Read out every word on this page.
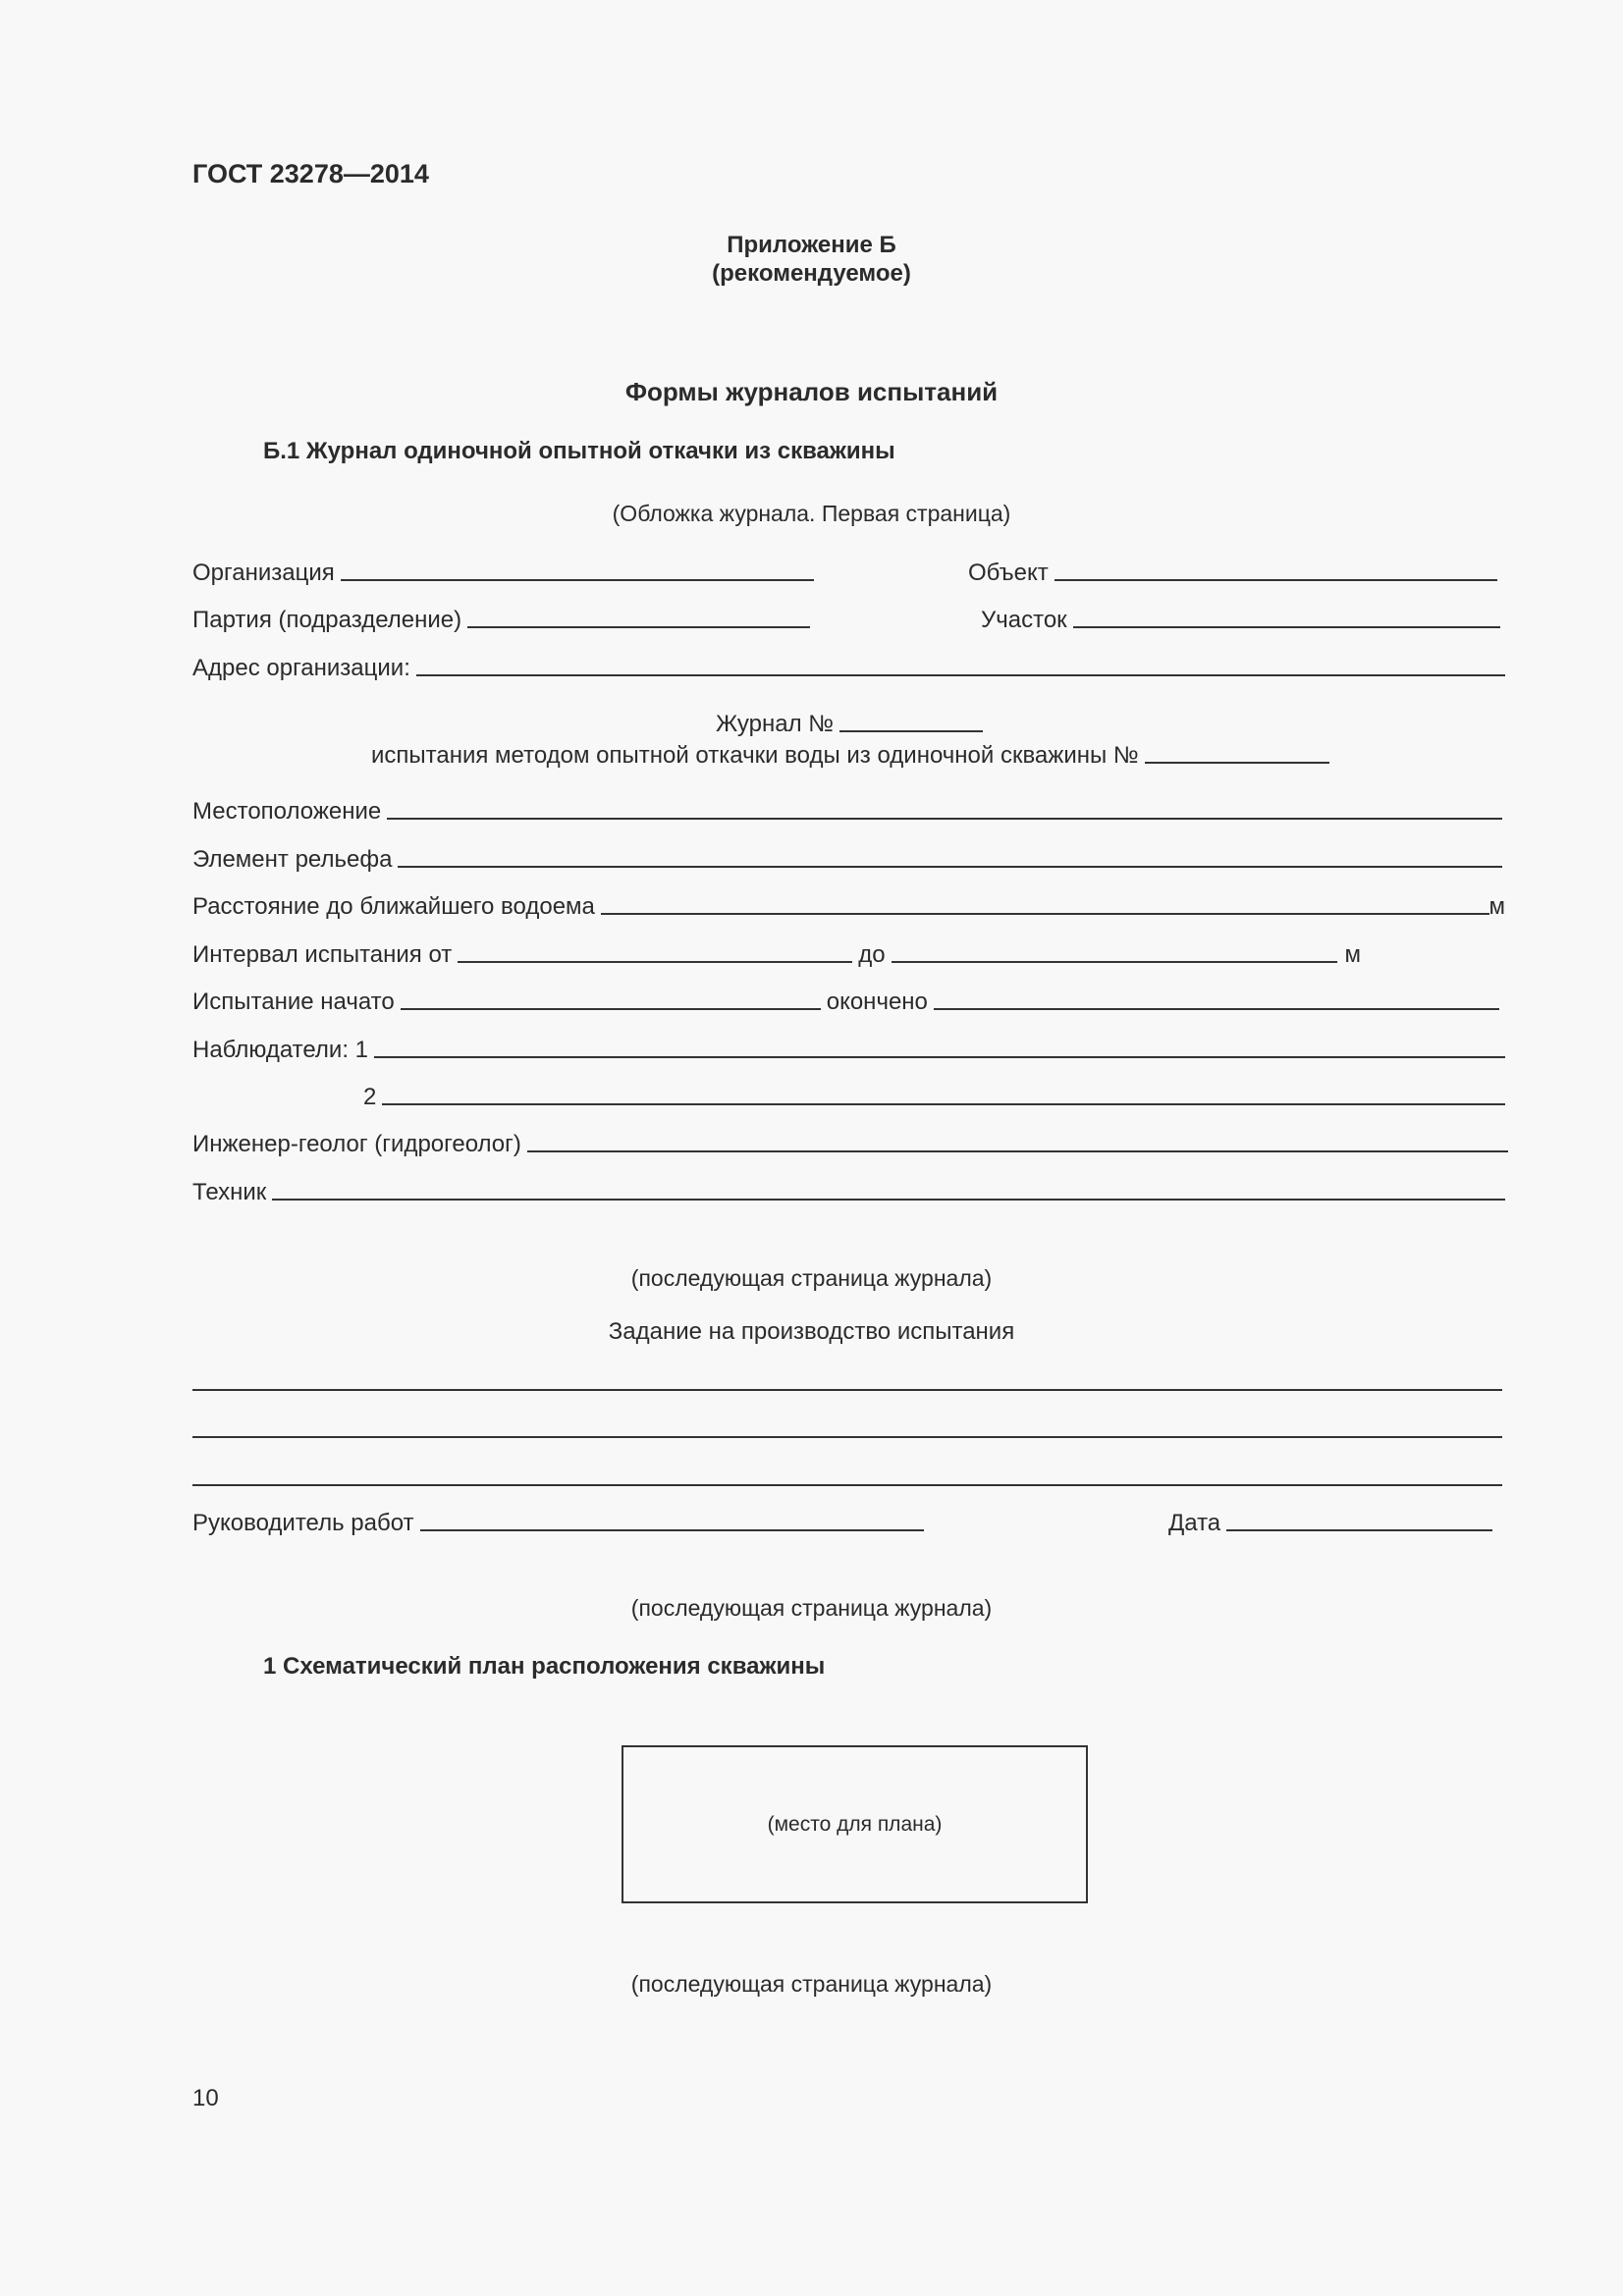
ГОСТ 23278—2014
Приложение Б
(рекомендуемое)
Формы журналов испытаний
Б.1 Журнал одиночной опытной откачки из скважины
(Обложка журнала. Первая страница)
Организация	Объект
Партия (подразделение)	Участок
Адрес организации:
Журнал №
испытания методом опытной откачки воды из одиночной скважины №
Местоположение
Элемент рельефа
Расстояние до ближайшего водоема	м
Интервал испытания от	до	м
Испытание начато	окончено
Наблюдатели: 1
2
Инженер-геолог (гидрогеолог)
Техник
(последующая страница журнала)
Задание на производство испытания
Руководитель работ	Дата
(последующая страница журнала)
1 Схематический план расположения скважины
(место для плана)
(последующая страница журнала)
10
